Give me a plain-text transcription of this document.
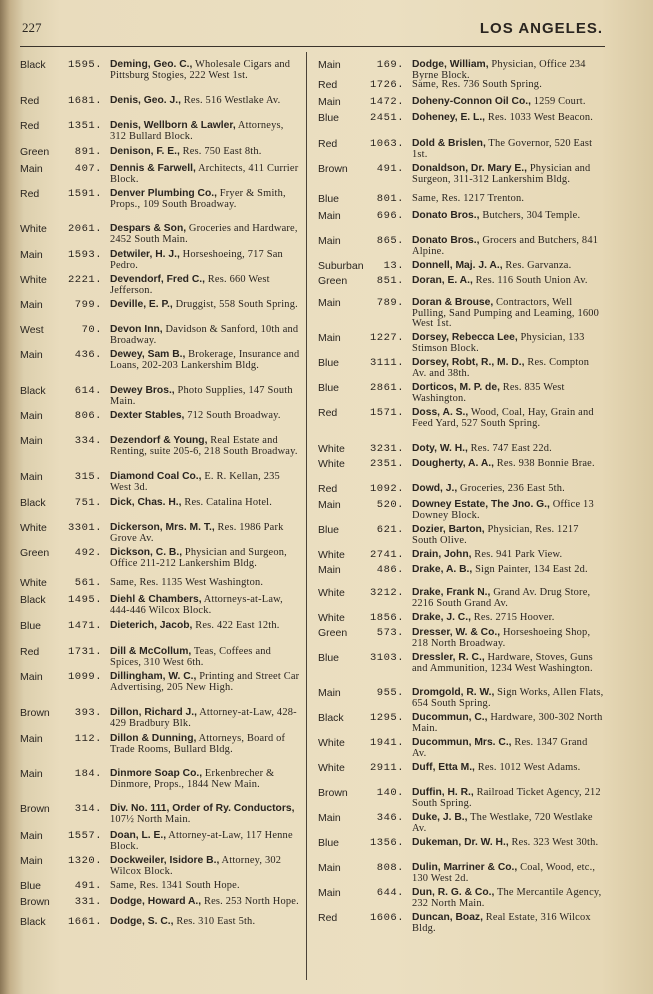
227	LOS ANGELES.
Black	1595. Deming, Geo. C., Wholesale Cigars and Pittsburg Stogies, 222 West 1st.
Red	1681. Denis, Geo. J., Res. 516 Westlake Av.
Red	1351. Denis, Wellborn & Lawler, Attorneys, 312 Bullard Block.
Green	891. Denison, F. E., Res. 750 East 8th.
Main	407. Dennis & Farwell, Architects, 411 Currier Block.
Red	1591. Denver Plumbing Co., Fryer & Smith, Props., 109 South Broadway.
White	2061. Despars & Son, Groceries and Hardware, 2452 South Main.
Main	1593. Detwiler, H. J., Horseshoeing, 717 San Pedro.
White	2221. Devendorf, Fred C., Res. 660 West Jefferson.
Main	799. Deville, E. P., Druggist, 558 South Spring.
West	70. Devon Inn, Davidson & Sanford, 10th and Broadway.
Main	436. Dewey, Sam B., Brokerage, Insurance and Loans, 202-203 Lankershim Bldg.
Black	614. Dewey Bros., Photo Supplies, 147 South Main.
Main	806. Dexter Stables, 712 South Broadway.
Main	334. Dezendorf & Young, Real Estate and Renting, suite 205-6, 218 South Broadway.
Main	315. Diamond Coal Co., E. R. Kellan, 235 West 3d.
Black	751. Dick, Chas. H., Res. Catalina Hotel.
White	3301. Dickerson, Mrs. M. T., Res. 1986 Park Grove Av.
Green	492. Dickson, C. B., Physician and Surgeon, Office 211-212 Lankershim Bldg.
White	561. Same, Res. 1135 West Washington.
Black	1495. Diehl & Chambers, Attorneys-at-Law, 444-446 Wilcox Block.
Blue	1471. Dieterich, Jacob, Res. 422 East 12th.
Red	1731. Dill & McCollum, Teas, Coffees and Spices, 310 West 6th.
Main	1099. Dillingham, W. C., Printing and Street Car Advertising, 205 New High.
Brown	393. Dillon, Richard J., Attorney-at-Law, 428-429 Bradbury Blk.
Main	112. Dillon & Dunning, Attorneys, Board of Trade Rooms, Bullard Bldg.
Main	184. Dinmore Soap Co., Erkenbrecher & Dinmore, Props., 1844 New Main.
Brown	314. Div. No. 111, Order of Ry. Conductors, 107½ North Main.
Main	1557. Doan, L. E., Attorney-at-Law, 117 Henne Block.
Main	1320. Dockweiler, Isidore B., Attorney, 302 Wilcox Block.
Blue	491. Same, Res. 1341 South Hope.
Brown	331. Dodge, Howard A., Res. 253 North Hope.
Black	1661. Dodge, S. C., Res. 310 East 5th.
Main	169. Dodge, William, Physician, Office 234 Byrne Block.
Red	1726. Same, Res. 736 South Spring.
Main	1472. Doheny-Connon Oil Co., 1259 Court.
Blue	2451. Doheney, E. L., Res. 1033 West Beacon.
Red	1063. Dold & Brislen, The Governor, 520 East 1st.
Brown	491. Donaldson, Dr. Mary E., Physician and Surgeon, 311-312 Lankershim Bldg.
Blue	801. Same, Res. 1217 Trenton.
Main	696. Donato Bros., Butchers, 304 Temple.
Main	865. Donato Bros., Grocers and Butchers, 841 Alpine.
Suburban	13. Donnell, Maj. J. A., Res. Garvanza.
Green	851. Doran, E. A., Res. 116 South Union Av.
Main	789. Doran & Brouse, Contractors, Well Pulling, Sand Pumping and Leaming, 1600 West 1st.
Main	1227. Dorsey, Rebecca Lee, Physician, 133 Stimson Block.
Blue	3111. Dorsey, Robt, R., M. D., Res. Compton Av. and 38th.
Blue	2861. Dorticos, M. P. de, Res. 835 West Washington.
Red	1571. Doss, A. S., Wood, Coal, Hay, Grain and Feed Yard, 527 South Spring.
White	3231. Doty, W. H., Res. 747 East 22d.
White	2351. Dougherty, A. A., Res. 938 Bonnie Brae.
Red	1092. Dowd, J., Groceries, 236 East 5th.
Main	520. Downey Estate, The Jno. G., Office 13 Downey Block.
Blue	621. Dozier, Barton, Physician, Res. 1217 South Olive.
White	2741. Drain, John, Res. 941 Park View.
Main	486. Drake, A. B., Sign Painter, 134 East 2d.
White	3212. Drake, Frank N., Grand Av. Drug Store, 2216 South Grand Av.
White	1856. Drake, J. C., Res. 2715 Hoover.
Green	573. Dresser, W. & Co., Horseshoeing Shop, 218 North Broadway.
Blue	3103. Dressler, R. C., Hardware, Stoves, Guns and Ammunition, 1234 West Washington.
Main	955. Dromgold, R. W., Sign Works, Allen Flats, 654 South Spring.
Black	1295. Ducommun, C., Hardware, 300-302 North Main.
White	1941. Ducommun, Mrs. C., Res. 1347 Grand Av.
White	2911. Duff, Etta M., Res. 1012 West Adams.
Brown	140. Duffin, H. R., Railroad Ticket Agency, 212 South Spring.
Main	346. Duke, J. B., The Westlake, 720 Westlake Av.
Blue	1356. Dukeman, Dr. W. H., Res. 323 West 30th.
Main	808. Dulin, Marriner & Co., Coal, Wood, etc., 130 West 2d.
Main	644. Dun, R. G. & Co., The Mercantile Agency, 232 North Main.
Red	1606. Duncan, Boaz, Real Estate, 316 Wilcox Bldg.
